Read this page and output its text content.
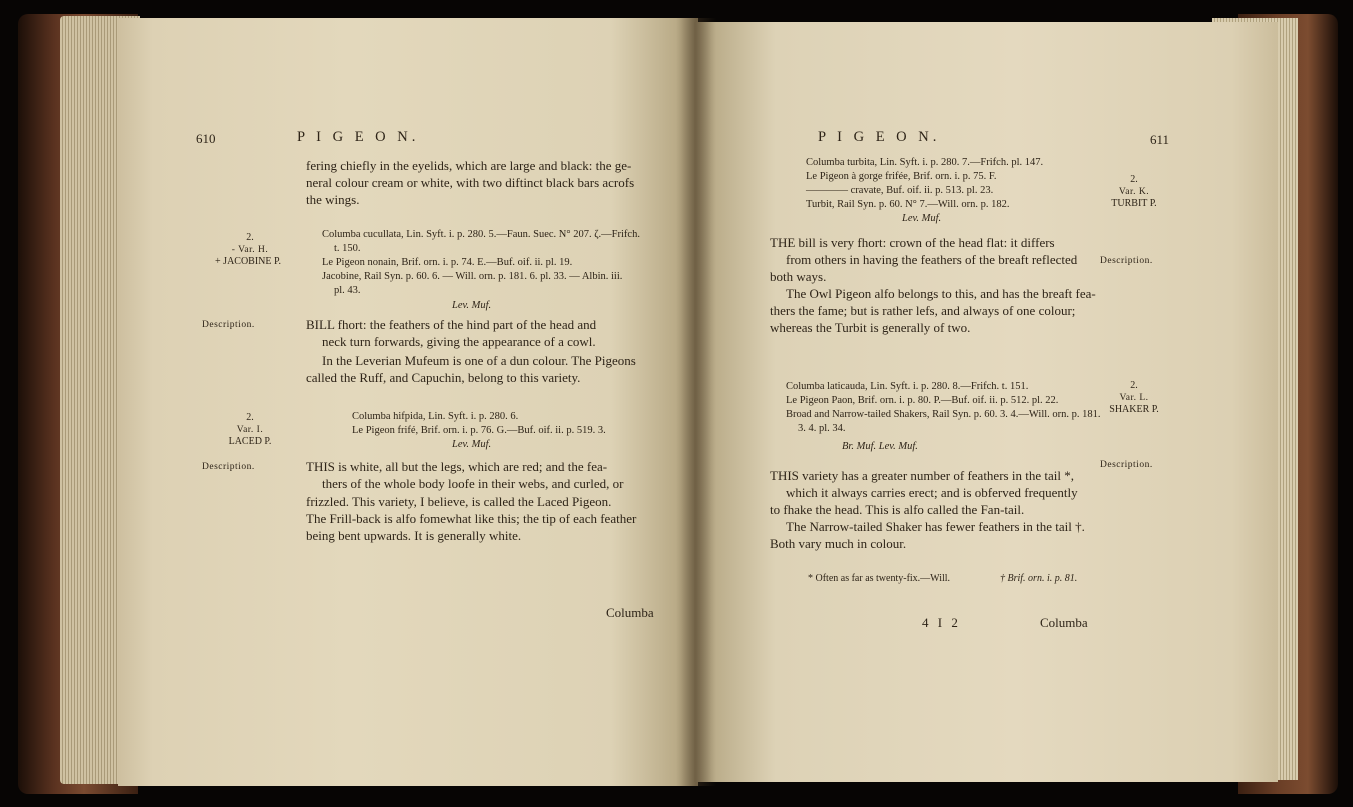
610	P I G E O N.
fering chiefly in the eyelids, which are large and black: the ge-
neral colour cream or white, with two diftinct black bars acrofs
the wings.
2.
- Var. H.
+ JACOBINE P.
Columba cucullata, Lin. Syft. i. p. 280. 5.—Faun. Suec. N° 207. ζ.—Frifch.
t. 150.
Le Pigeon nonain, Brif. orn. i. p. 74. E.—Buf. oif. ii. pl. 19.
Jacobine, Rail Syn. p. 60. 6. — Will. orn. p. 181. 6. pl. 33. — Albin. iii.
pl. 43.
Lev. Muf.
Description.	BILL fhort: the feathers of the hind part of the head and
neck turn forwards, giving the appearance of a cowl.
In the Leverian Mufeum is one of a dun colour. The Pigeons
called the Ruff, and Capuchin, belong to this variety.
2.
Var. I.
LACED P.
Columba hifpida, Lin. Syft. i. p. 280. 6.
Le Pigeon frifé, Brif. orn. i. p. 76. G.—Buf. oif. ii. p. 519. 3.
Lev. Muf.
Description.	THIS is white, all but the legs, which are red; and the fea-
thers of the whole body loofe in their webs, and curled, or
frizzled. This variety, I believe, is called the Laced Pigeon.
The Frill-back is alfo fomewhat like this; the tip of each feather
being bent upwards. It is generally white.
Columba
P I G E O N.	611
Columba turbita, Lin. Syft. i. p. 280. 7.—Frifch. pl. 147.
Le Pigeon à gorge frifée, Brif. orn. i. p. 75. F.
———— cravate, Buf. oif. ii. p. 513. pl. 23.
Turbit, Rail Syn. p. 60. N° 7.—Will. orn. p. 182.
Lev. Muf.
2.
Var. K.
TURBIT P.
THE bill is very fhort: crown of the head flat: it differs
from others in having the feathers of the breaft reflected
both ways.
The Owl Pigeon alfo belongs to this, and has the breaft fea-
thers the fame; but is rather lefs, and always of one colour;
whereas the Turbit is generally of two.
Description.
Columba laticauda, Lin. Syft. i. p. 280. 8.—Frifch. t. 151.
Le Pigeon Paon, Brif. orn. i. p. 80. P.—Buf. oif. ii. p. 512. pl. 22.
Broad and Narrow-tailed Shakers, Rail Syn. p. 60. 3. 4.—Will. orn. p. 181.
3. 4. pl. 34.
Br. Muf. Lev. Muf.
2.
Var. L.
SHAKER P.
THIS variety has a greater number of feathers in the tail *,
which it always carries erect; and is obferved frequently
to fhake the head. This is alfo called the Fan-tail.
The Narrow-tailed Shaker has fewer feathers in the tail †.
Both vary much in colour.
Description.
* Often as far as twenty-fix.—Will.	† Brif. orn. i. p. 81.
4 I 2	Columba
